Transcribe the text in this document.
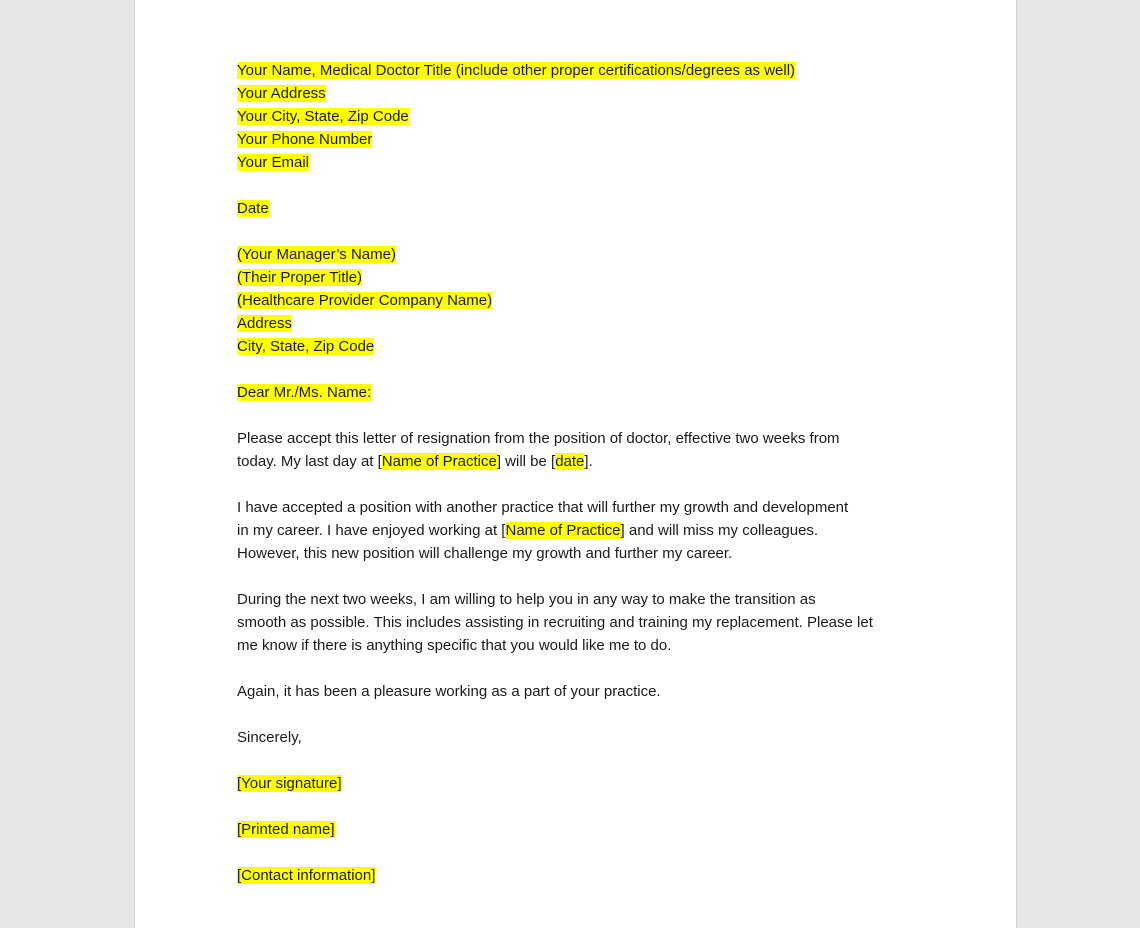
Your Name, Medical Doctor Title (include other proper certifications/degrees as well)
Your Address
Your City, State, Zip Code
Your Phone Number
Your Email
Date
(Your Manager’s Name)
(Their Proper Title)
(Healthcare Provider Company Name)
Address
City, State, Zip Code
Dear Mr./Ms. Name:
Please accept this letter of resignation from the position of doctor, effective two weeks from
today. My last day at [Name of Practice] will be [date].
I have accepted a position with another practice that will further my growth and development
in my career. I have enjoyed working at [Name of Practice] and will miss my colleagues.
However, this new position will challenge my growth and further my career.
During the next two weeks, I am willing to help you in any way to make the transition as
smooth as possible. This includes assisting in recruiting and training my replacement. Please let
me know if there is anything specific that you would like me to do.
Again, it has been a pleasure working as a part of your practice.
Sincerely,
[Your signature]
[Printed name]
[Contact information]
